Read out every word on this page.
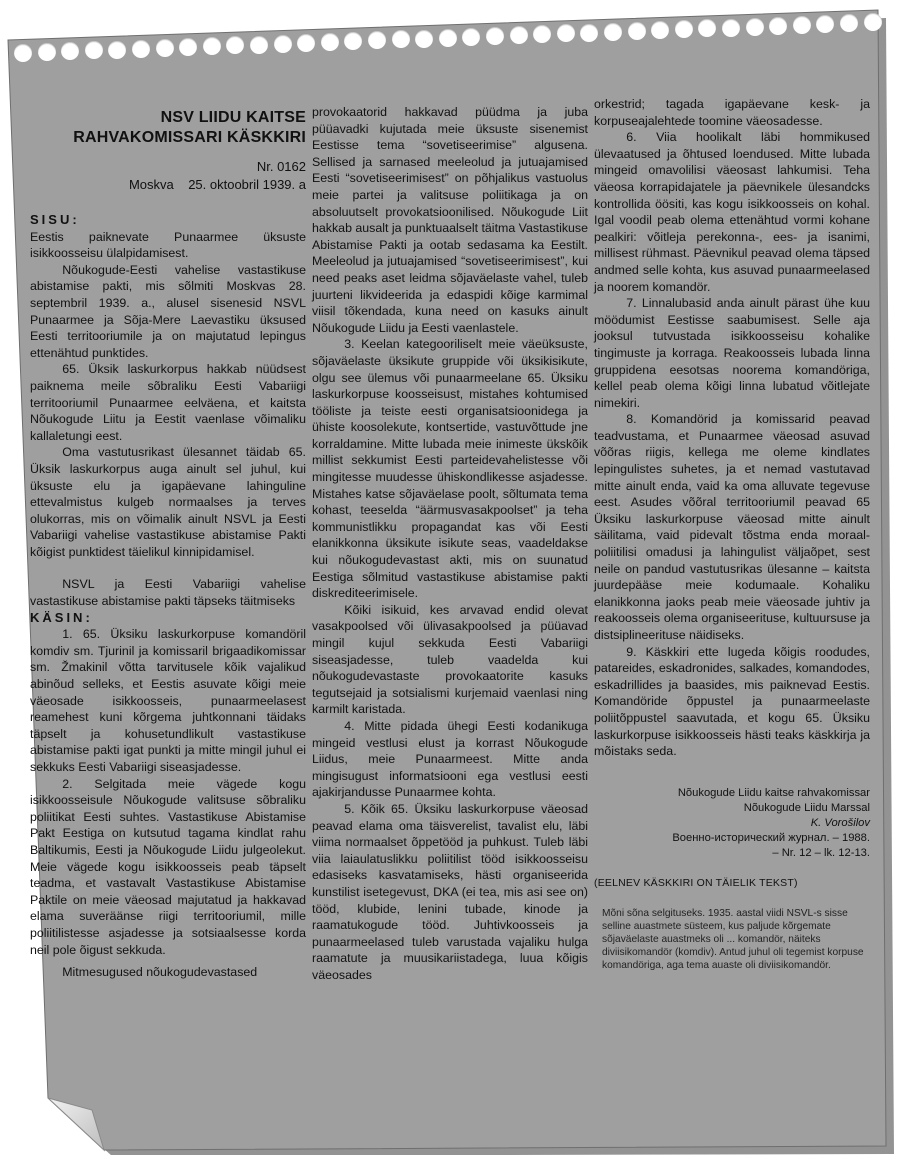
NSV LIIDU KAITSE
RAHVAKOMISSARI KÄSKKIRI
Nr. 0162
Moskva    25. oktoobril 1939. a
SISU:

Eestis paiknevate Punaarmee üksuste isikkoosseisu ülalpidamisest.

Nõukogude-Eesti vahelise vastastikuse abistamise pakti, mis sõlmiti Moskvas 28. septembril 1939. a., alusel sisenesid NSVL Punaarmee ja Sõja-Mere Laevastiku üksused Eesti territooriumile ja on majutatud lepingus ettenähtud punktides.

65. Üksik laskurkorpus hakkab nüüdsest paiknema meile sõbraliku Eesti Vabariigi territooriumil Punaarmee eelväena, et kaitsta Nõukogude Liitu ja Eestit vaenlase võimaliku kallaletungi eest.

Oma vastutusrikast ülesannet täidab 65. Üksik laskurkorpus auga ainult sel juhul, kui üksuste elu ja igapäevane lahinguline ettevalmistus kulgeb normaalses ja terves olukorras, mis on võimalik ainult NSVL ja Eesti Vabariigi vahelise vastastikuse abistamise Pakti kõigist punktidest täielikul kinnipidamisel.

NSVL ja Eesti Vabariigi vahelise vastastikuse abistamise pakti täpseks täitmiseks

KÄSIN:

1. 65. Üksiku laskurkorpuse komandöril komdiv sm. Tjurinil ja komissaril brigaadikomissar sm. Žmakinil võtta tarvitusele kõik vajalikud abinõud selleks, et Eestis asuvate kõigi meie väeosade isikkoosseis, punaarmeelasest reamehest kuni kõrgema juhtkonnani täidaks täpselt ja kohusetundlikult vastastikuse abistamise pakti igat punkti ja mitte mingil juhul ei sekkuks Eesti Vabariigi siseasjadesse.

2. Selgitada meie vägede kogu isikkoosseisule Nõukogude valitsuse sõbraliku poliitikat Eesti suhtes. Vastastikuse Abistamise Pakt Eestiga on kutsutud tagama kindlat rahu Baltikumis, Eesti ja Nõukogude Liidu julgeolekut. Meie vägede kogu isikkoosseis peab täpselt teadma, et vastavalt Vastastikuse Abistamise Paktile on meie väeosad majutatud ja hakkavad elama suveräänse riigi territooriumil, mille poliitilistesse asjadesse ja sotsiaalsesse korda neil pole õigust sekkuda.

Mitmesugused nõukogudevastased

provokaatorid hakkavad püüdma ja juba püüavadki kujutada meie üksuste sisenemist Eestisse tema “sovetiseerimise” algusena. Sellised ja sarnased meeleolud ja jutuajamised Eesti “sovetiseerimisest” on põhjalikus vastuolus meie partei ja valitsuse poliitikaga ja on absoluutselt provokatsioonilised. Nõukogude Liit hakkab ausalt ja punktuaalselt täitma Vastastikuse Abistamise Pakti ja ootab sedasama ka Eestilt. Meeleolud ja jutuajamised “sovetiseerimisest”, kui need peaks aset leidma sõjaväelaste vahel, tuleb juurteni likvideerida ja edaspidi kõige karmimal viisil tõkendada, kuna need on kasuks ainult Nõukogude Liidu ja Eesti vaenlastele.

3. Keelan kategooriliselt meie väeüksuste, sõjaväelaste üksikute gruppide või üksikisikute, olgu see ülemus või punaarmeelane 65. Üksiku laskurkorpuse koosseisust, mistahes kohtumised tööliste ja teiste eesti organisatsioonidega ja ühiste koosolekute, kontsertide, vastuvõttude jne korraldamine. Mitte lubada meie inimeste ükskõik millist sekkumist Eesti parteidevahelistesse või mingitesse muudesse ühiskondlikesse asjadesse. Mistahes katse sõjaväelase poolt, sõltumata tema kohast, teeselda “äärmusvasakpoolset” ja teha kommunistlikku propagandat kas või Eesti elanikkonna üksikute isikute seas, vaadeldakse kui nõukogudevastast akti, mis on suunatud Eestiga sõlmitud vastastikuse abistamise pakti diskrediteerimisele.

Kõiki isikuid, kes arvavad endid olevat vasakpoolsed või ülivasakpoolsed ja püüavad mingil kujul sekkuda Eesti Vabariigi siseasjadesse, tuleb vaadelda kui nõukogudevastaste provokaatorite kasuks tegutsejaid ja sotsialismi kurjemaid vaenlasi ning karmilt karistada.

4. Mitte pidada ühegi Eesti kodanikuga mingeid vestlusi elust ja korrast Nõukogude Liidus, meie Punaarmeest. Mitte anda mingisugust informatsiooni ega vestlusi eesti ajakirjandusse Punaarmee kohta.

5. Kõik 65. Üksiku laskurkorpuse väeosad peavad elama oma täisverelist, tavalist elu, läbi viima normaalset õppetööd ja puhkust. Tuleb läbi viia laiaulatuslikku poliitilist tööd isikkoosseisu edasiseks kasvatamiseks, hästi organiseerida kunstilist isetegevust, DKA (ei tea, mis asi see on) tööd, klubide, lenini tubade, kinode ja raamatukogude tööd. Juhtivkoosseis ja punaarmeelased tuleb varustada vajaliku hulga raamatute ja muusikariistadega, luua kõigis väeosades

orkestrid; tagada igapäevane kesk- ja korpuseajalehtede toomine väeosadesse.

6. Viia hoolikalt läbi hommikused ülevaatused ja õhtused loendused. Mitte lubada mingeid omavolilisi väeosast lahkumisi. Teha väeosa korrapidajatele ja päevnikele ülesandcks kontrollida öösiti, kas kogu isikkoosseis on kohal. Igal voodil peab olema ettenähtud vormi kohane pealkiri: võitleja perekonna-, ees- ja isanimi, millisest rühmast. Päevnikul peavad olema täpsed andmed selle kohta, kus asuvad punaarmeelased ja noorem komandör.

7. Linnalubasid anda ainult pärast ühe kuu möödumist Eestisse saabumisest. Selle aja jooksul tutvustada isikkoosseisu kohalike tingimuste ja korraga. Reakoosseis lubada linna gruppidena eesotsas noorema komandöriga, kellel peab olema kõigi linna lubatud võitlejate nimekiri.

8. Komandörid ja komissarid peavad teadvustama, et Punaarmee väeosad asuvad võõras riigis, kellega me oleme kindlates lepingulistes suhetes, ja et nemad vastutavad mitte ainult enda, vaid ka oma alluvate tegevuse eest. Asudes võõral territooriumil peavad 65 Üksiku laskurkorpuse väeosad mitte ainult säilitama, vaid pidevalt tõstma enda moraal-poliitilisi omadusi ja lahingulist väljaõpet, sest neile on pandud vastutusrikas ülesanne – kaitsta juurdepääse meie kodumaale. Kohaliku elanikkonna jaoks peab meie väeosade juhtiv ja reakoosseis olema organiseerituse, kultuursuse ja distsiplineerituse näidiseks.

9. Käskkiri ette lugeda kõigis roodudes, patareides, eskadronides, salkades, komandodes, eskadrillides ja baasides, mis paiknevad Eestis. Komandöride õppustel ja punaarmeelaste poliitõppustel saavutada, et kogu 65. Üksiku laskurkorpuse isikkoosseis hästi teaks käskkirja ja mõistaks seda.

Nõukogude Liidu kaitse rahvakomissar
Nõukogude Liidu Marssal
K. Vorošilov
Военно-исторический журнал. – 1988.
– Nr. 12 – lk. 12-13.
(EELNEV KÄSKKIRI ON TÄIELIK TEKST)
Mõni sõna selgituseks. 1935. aastal viidi NSVL-s sisse selline auastmete süsteem, kus paljude kõrgemate sõjaväelaste auastmeks oli ... komandör, näiteks diviisikomandör (komdiv). Antud juhul oli tegemist korpuse komandöriga, aga tema auaste oli diviisikomandör.
